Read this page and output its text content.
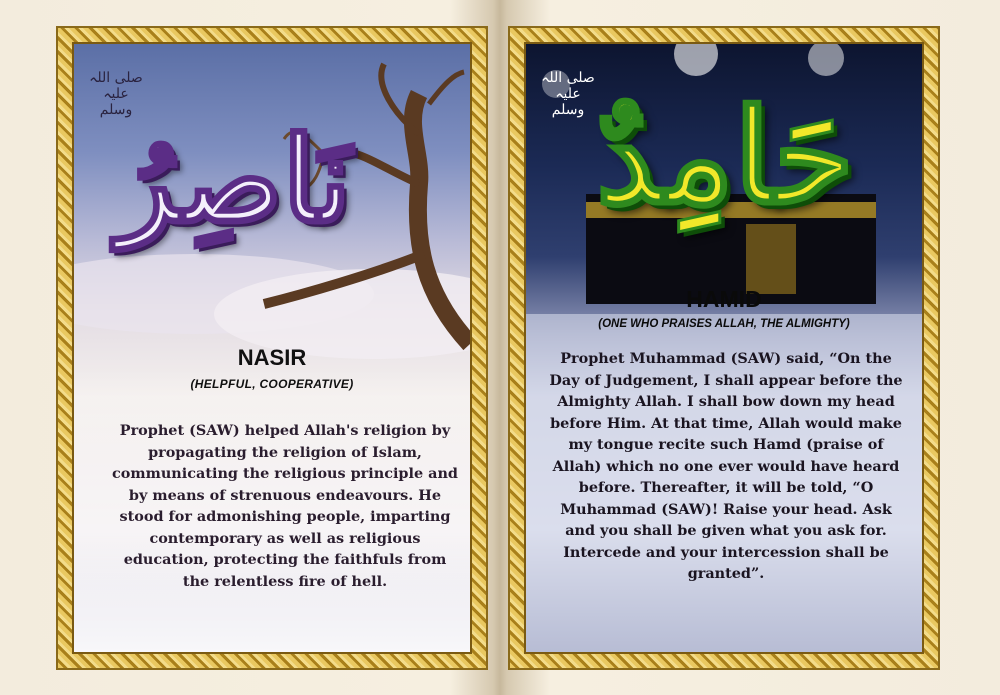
صلی اللہ علیہ وسلم
نَاصِرُ
NASIR
(HELPFUL, COOPERATIVE)

Prophet (SAW) helped Allah's religion by

propagating the religion of Islam,

communicating the religious principle and

by means of strenuous endeavours. He

stood for admonishing people, imparting

contemporary as well as religious

education, protecting the faithfuls from

the relentless fire of hell.

صلی اللہ علیہ وسلم حَامِدٌ
HAMID
(ONE WHO PRAISES ALLAH, THE ALMIGHTY)

Prophet Muhammad (SAW) said, “On the

Day of Judgement, I shall appear before the

Almighty Allah. I shall bow down my head

before Him. At that time, Allah would make

my tongue recite such Hamd (praise of

Allah) which no one ever would have heard

before. Thereafter, it will be told, “O

Muhammad (SAW)! Raise your head. Ask

and you shall be given what you ask for.

Intercede and your intercession shall be

granted”.
